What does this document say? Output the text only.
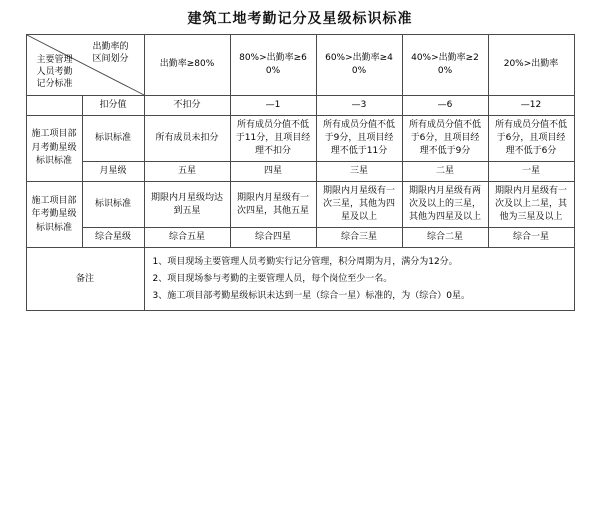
建筑工地考勤记分及星级标识标准
出勤率的
区间划分
主要管理
人员考勤
记分标准		出勤率≥80%	80%>出勤率≥60%	60%>出勤率≥40%	40%>出勤率≥20%	20%>出勤率
	扣分值	不扣分	—1	—3	—6	—12
施工项目部月考勤星级标识标准	标识标准	所有成员未扣分	所有成员分值不低于11分，且项目经理不扣分	所有成员分值不低于9分，且项目经理不低于11分	所有成员分值不低于6分，且项目经理不低于9分	所有成员分值不低于6分，且项目经理不低于6分
	月星级	五星	四星	三星	二星	一星
施工项目部年考勤星级标识标准	标识标准	期限内月星级均达到五星	期限内月星级有一次四星，其他五星	期限内月星级有一次三星，其他为四星及以上	期限内月星级有两次及以上的三星，其他为四星及以上	期限内月星级有一次及以上二星，其他为三星及以上
	综合星级	综合五星	综合四星	综合三星	综合二星	综合一星
备注		1、项目现场主要管理人员考勤实行记分管理，积分周期为月，满分为12分。
2、项目现场参与考勤的主要管理人员，每个岗位至少一名。
3、施工项目部考勤星级标识未达到一星（综合一星）标准的，为（综合）0星。				
